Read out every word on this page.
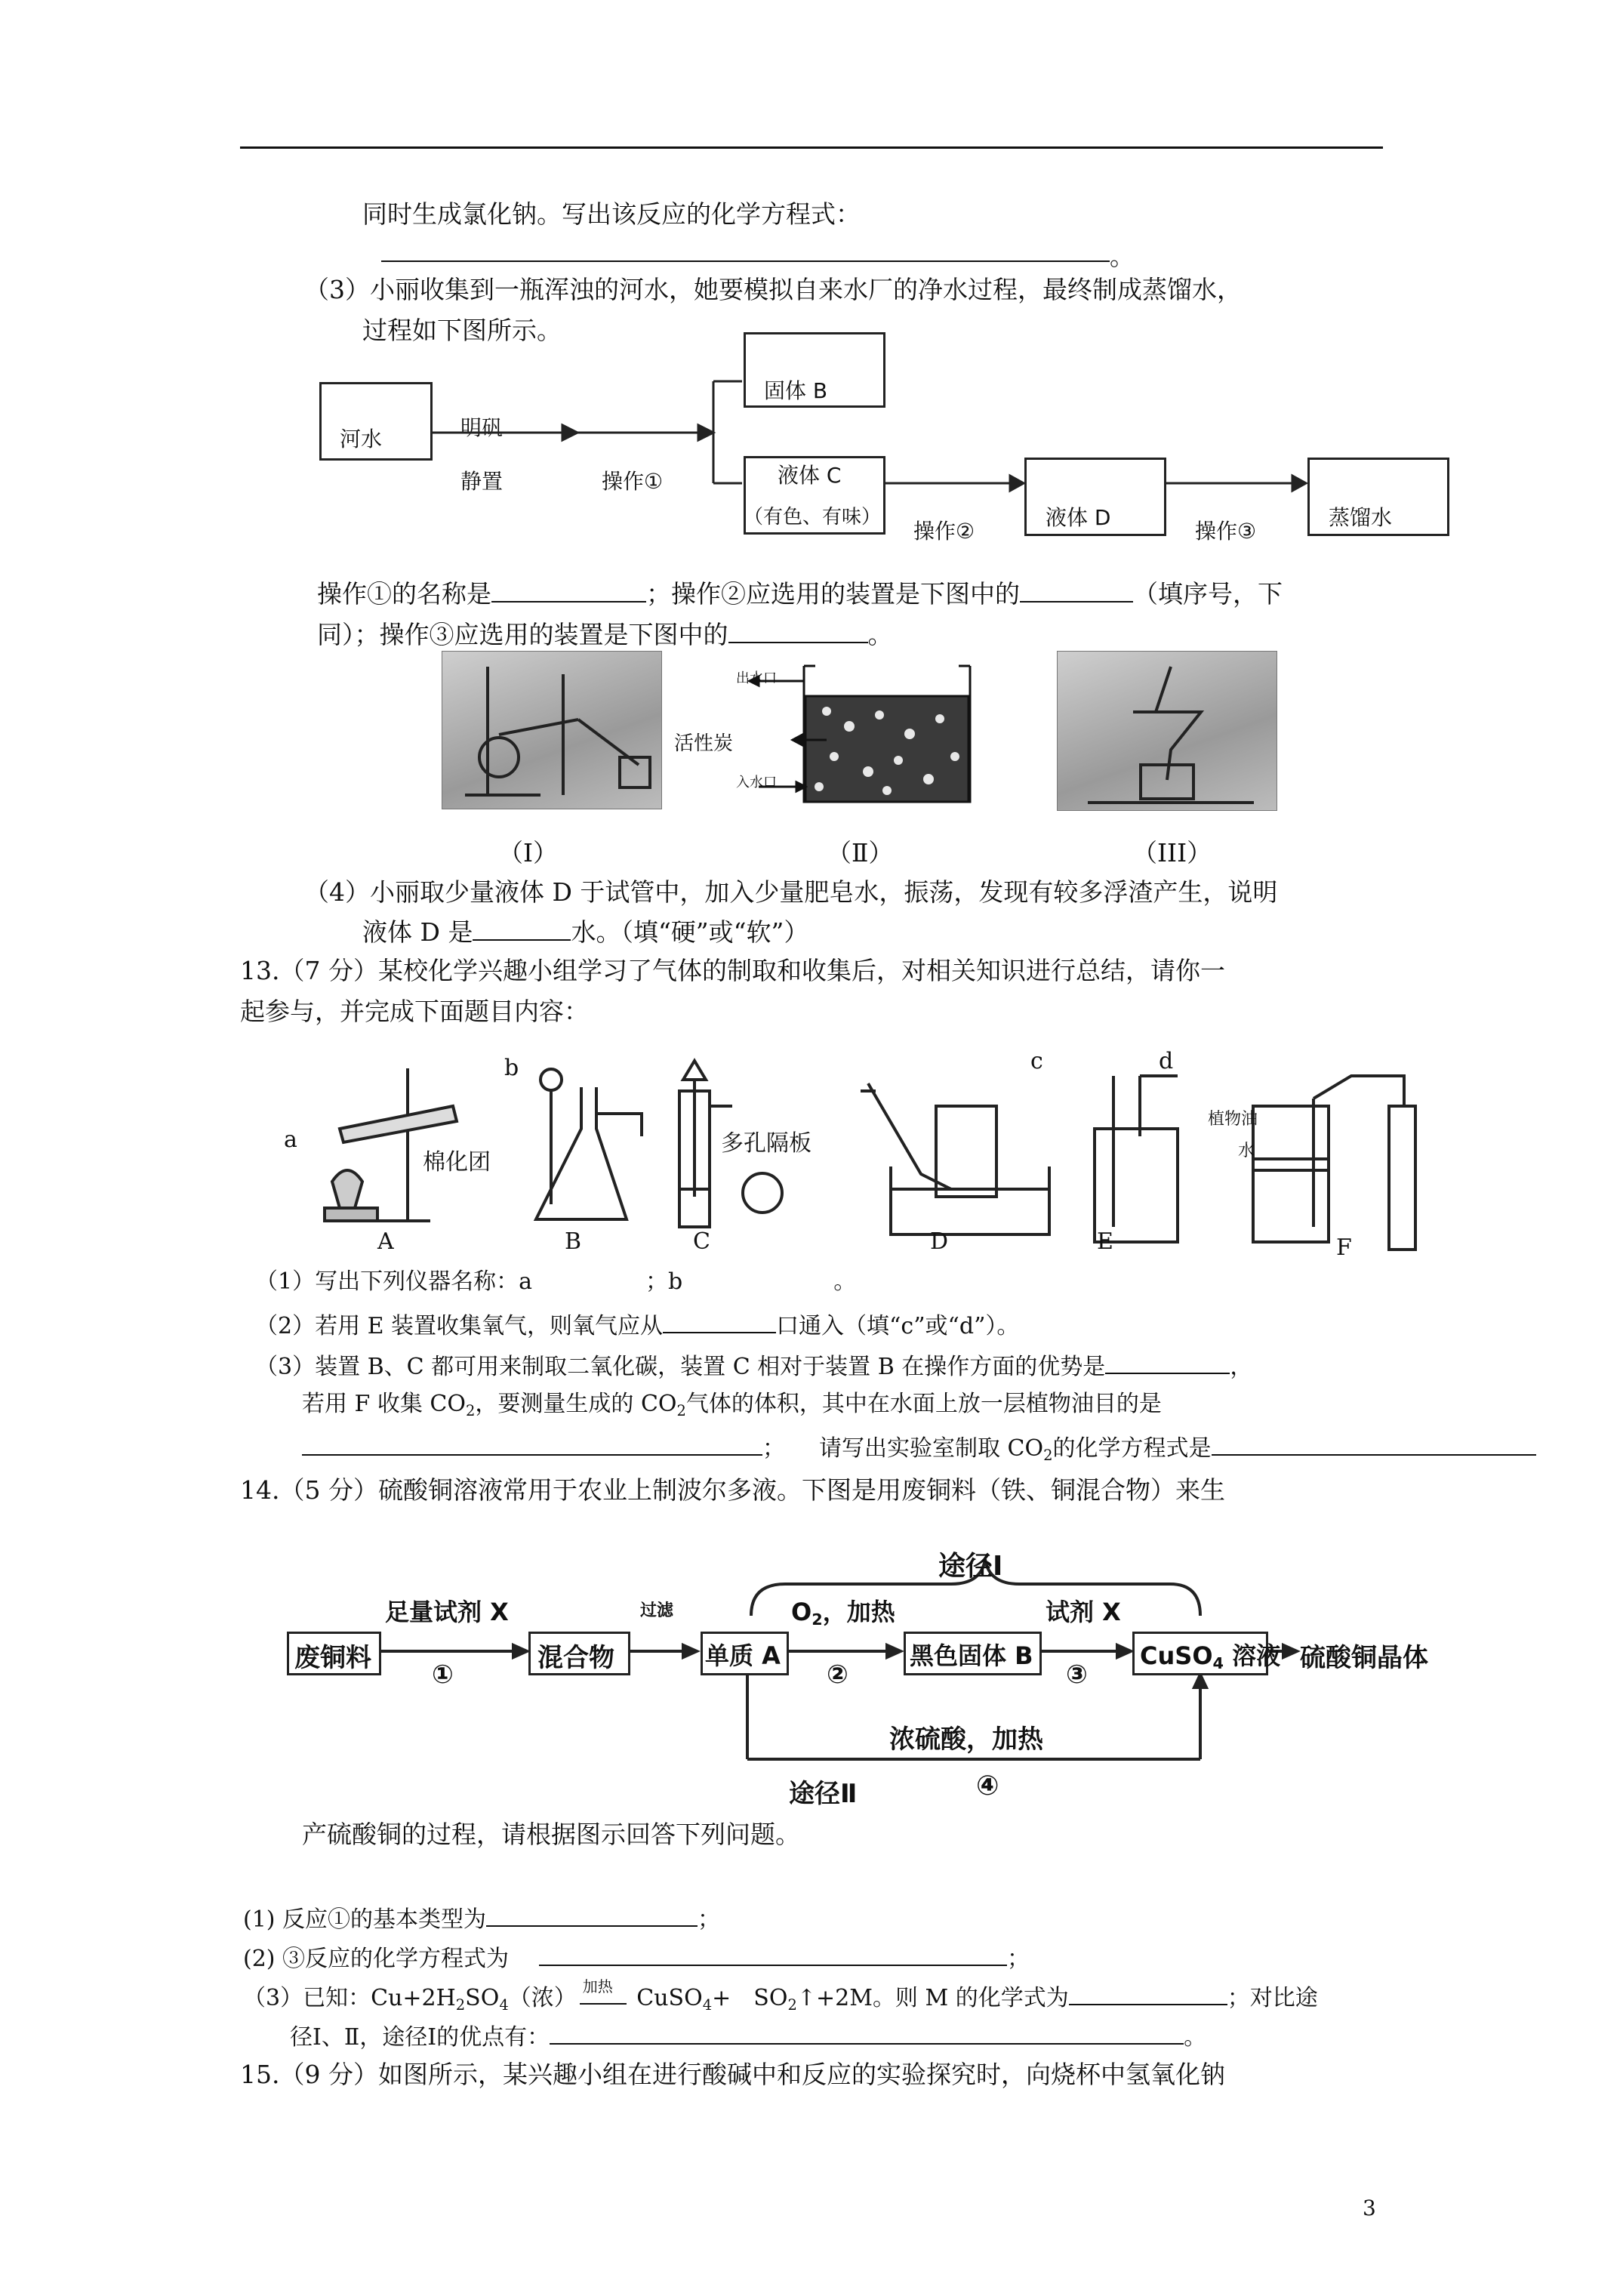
同时生成氯化钠。写出该反应的化学方程式：
。
（3）小丽收集到一瓶浑浊的河水，她要模拟自来水厂的净水过程，最终制成蒸馏水，
过程如下图所示。
河水	明矾
静置	操作①
固体 B
液体 C
（有色、有味）
操作②
液体 D
操作③
蒸馏水
操作①的名称是	；操作②应选用的装置是下图中的	（填序号，下
同）；操作③应选用的装置是下图中的	。
出水口
入水口
活性炭
（Ⅰ）	（Ⅱ）	（III）
（4）小丽取少量液体 D 于试管中，加入少量肥皂水，振荡，发现有较多浮渣产生，说明
液体 D 是	水。（填“硬”或“软”）
13.（7 分）某校化学兴趣小组学习了气体的制取和收集后，对相关知识进行总结，请你一
起参与，并完成下面题目内容：
a
b	c	d
棉化团
多孔隔板
植物油
水
A	B	C	D	E	F
（1）写出下列仪器名称：a	；b	。
（2）若用 E 装置收集氧气，则氧气应从	口通入（填“c”或“d”）。
（3）装置 B、C 都可用来制取二氧化碳，装置 C 相对于装置 B 在操作方面的优势是	，
若用 F 收集 $CO_2$，要测量生成的 $CO_2$气体的体积，其中在水面上放一层植物油目的是
；　　请写出实验室制取 $CO_2$的化学方程式是
14.（5 分）硫酸铜溶液常用于农业上制波尔多液。下图是用废铜料（铁、铜混合物）来生
废铜料
足量试剂 X
①
混合物
过滤
单质 A
$O_2$，加热
②
黑色固体 B
试剂 X
③
CuSO$_4$ 溶液 硫酸铜晶体
途径Ⅰ
浓硫酸，加热
途径Ⅱ	④
产硫酸铜的过程，请根据图示回答下列问题。
(1) 反应①的基本类型为	；
(2) ③反应的化学方程式为	；
（3）已知：$Cu+2H_2SO_4$（浓） 加热 CuSO$_4$+　$SO_2↑+2M$。则 M 的化学式为	；对比途
径Ⅰ、Ⅱ，途径Ⅰ的优点有：	。
15.（9 分）如图所示，某兴趣小组在进行酸碱中和反应的实验探究时，向烧杯中氢氧化钠
3
